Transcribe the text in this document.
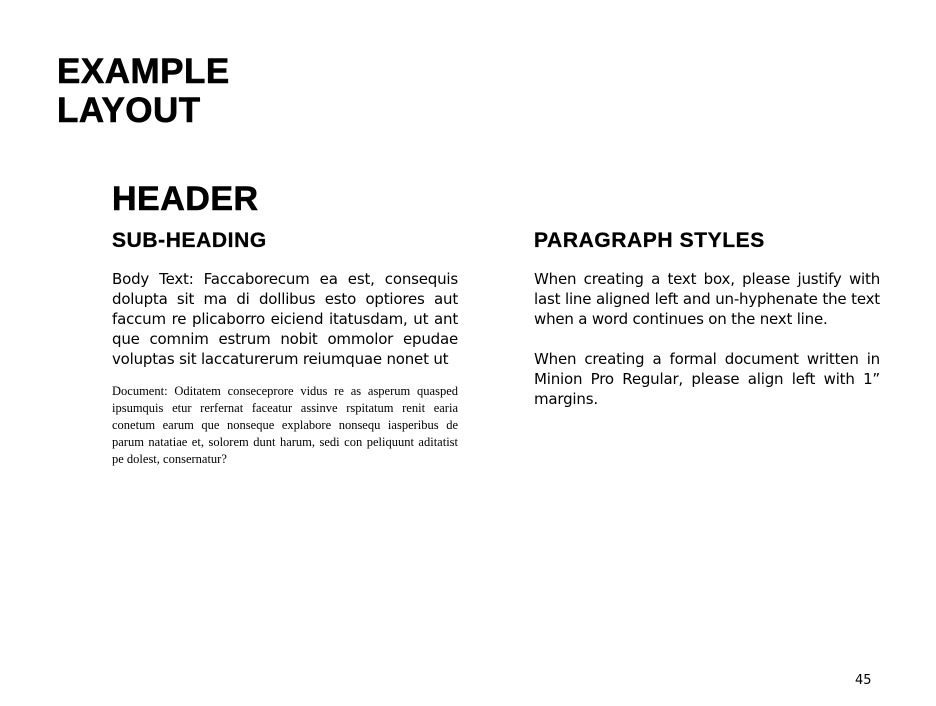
EXAMPLE
LAYOUT
HEADER
SUB-HEADING	PARAGRAPH STYLES

Body Text: Faccaborecum ea est, consequis dolupta sit ma di dollibus esto optiores aut faccum re plicaborro eiciend itatusdam, ut ant que comnim estrum nobit ommolor epudae voluptas sit laccaturerum reiumquae nonet ut

Document: Oditatem conseceprore vidus re as asperum quasped ipsumquis etur rerfernat faceatur assinve rspitatum renit earia conetum earum que nonseque explabore nonsequ iasperibus de parum natatiae et, solorem dunt harum, sedi con peliquunt aditatist pe dolest, consernatur?

When creating a text box, please justify with last line aligned left and un-hyphenate the text when a word continues on the next line.

When creating a formal document written in Minion Pro Regular, please align left with 1” margins.

45
